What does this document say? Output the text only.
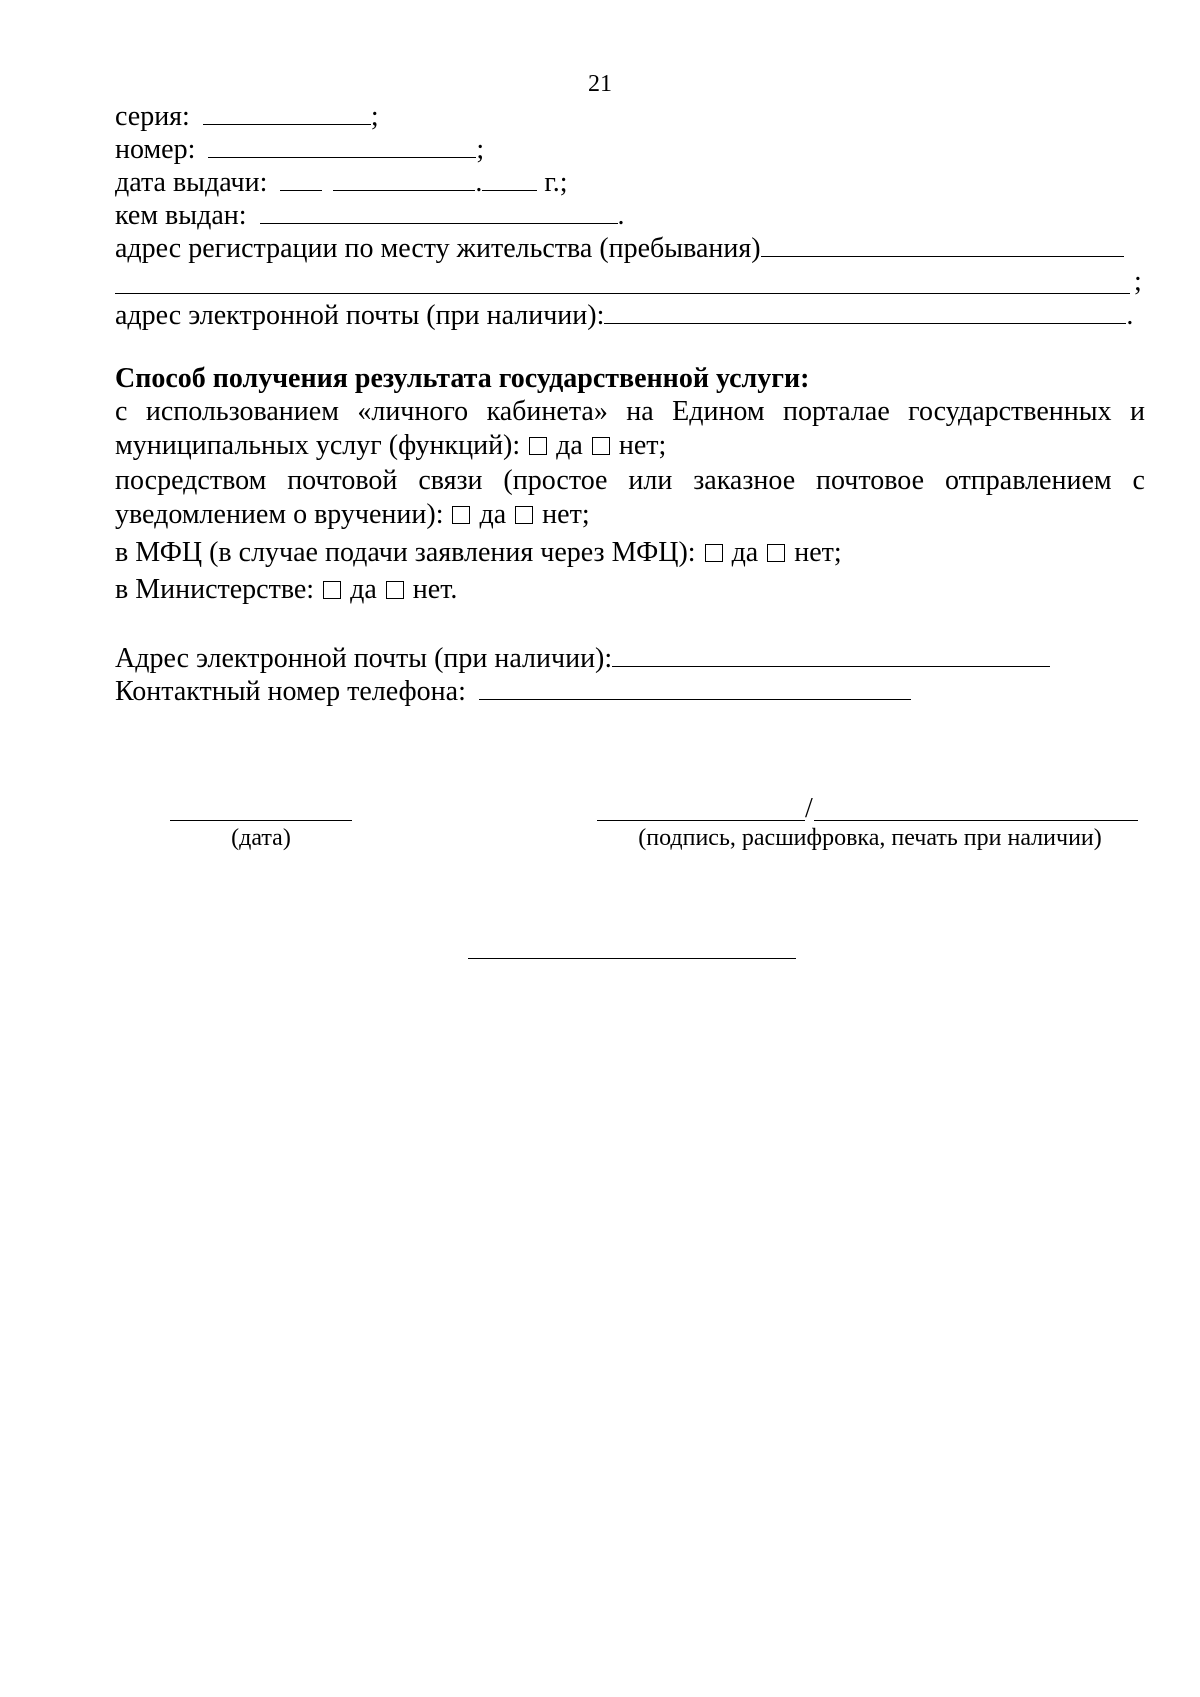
21
серия:	;
номер:	;
дата выдачи:	. г.;
кем выдан:	.
адрес регистрации по месту жительства (пребывания)
;
адрес электронной почты (при наличии):	.
Способ получения результата государственной услуги:
с использованием «личного кабинета» на Едином порталае государственных и
муниципальных услуг (функций): да нет;
посредством почтовой связи (простое или заказное почтовое отправлением с
уведомлением о вручении): да нет;
в МФЦ (в случае подачи заявления через МФЦ): да нет;
в Министерстве: да нет.
Адрес электронной почты (при наличии):
Контактный номер телефона:
/
(дата)	(подпись, расшифровка, печать при наличии)
